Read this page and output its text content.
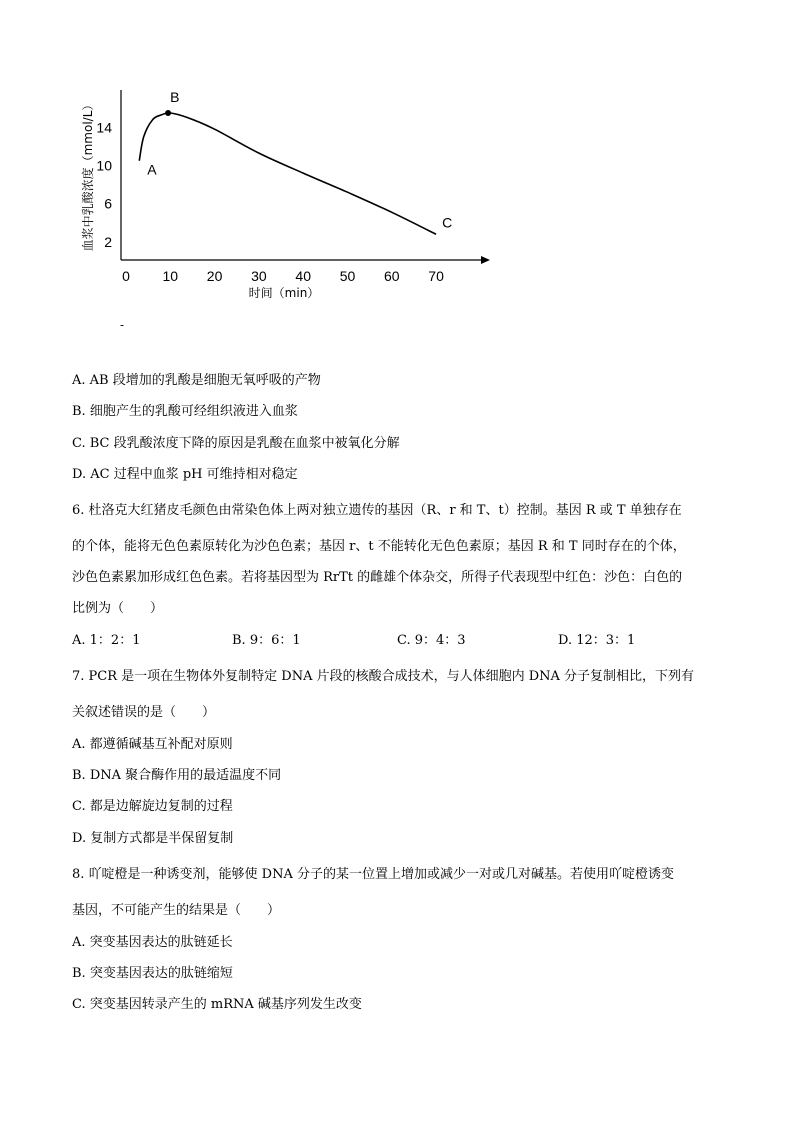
血浆中乳酸浓度（mmol/L）
时间（min）
0 10 20 30 40 50 60 70
2
6
10
14
A
B
C
-
A. AB 段增加的乳酸是细胞无氧呼吸的产物
B. 细胞产生的乳酸可经组织液进入血浆
C. BC 段乳酸浓度下降的原因是乳酸在血浆中被氧化分解
D. AC 过程中血浆 pH 可维持相对稳定
6. 杜洛克大红猪皮毛颜色由常染色体上两对独立遗传的基因（R、r 和 T、t）控制。基因 R 或 T 单独存在
的个体，能将无色色素原转化为沙色色素；基因 r、t 不能转化无色色素原；基因 R 和 T 同时存在的个体，
沙色色素累加形成红色色素。若将基因型为 RrTt 的雌雄个体杂交，所得子代表现型中红色：沙色：白色的
比例为（　　）
A. 1：2：1	B. 9：6：1	C. 9：4：3	D. 12：3：1
7. PCR 是一项在生物体外复制特定 DNA 片段的核酸合成技术，与人体细胞内 DNA 分子复制相比，下列有
关叙述错误的是（　　）
A. 都遵循碱基互补配对原则
B. DNA 聚合酶作用的最适温度不同
C. 都是边解旋边复制的过程
D. 复制方式都是半保留复制
8. 吖啶橙是一种诱变剂，能够使 DNA 分子的某一位置上增加或减少一对或几对碱基。若使用吖啶橙诱变
基因，不可能产生的结果是（　　）
A. 突变基因表达的肽链延长
B. 突变基因表达的肽链缩短
C. 突变基因转录产生的 mRNA 碱基序列发生改变
